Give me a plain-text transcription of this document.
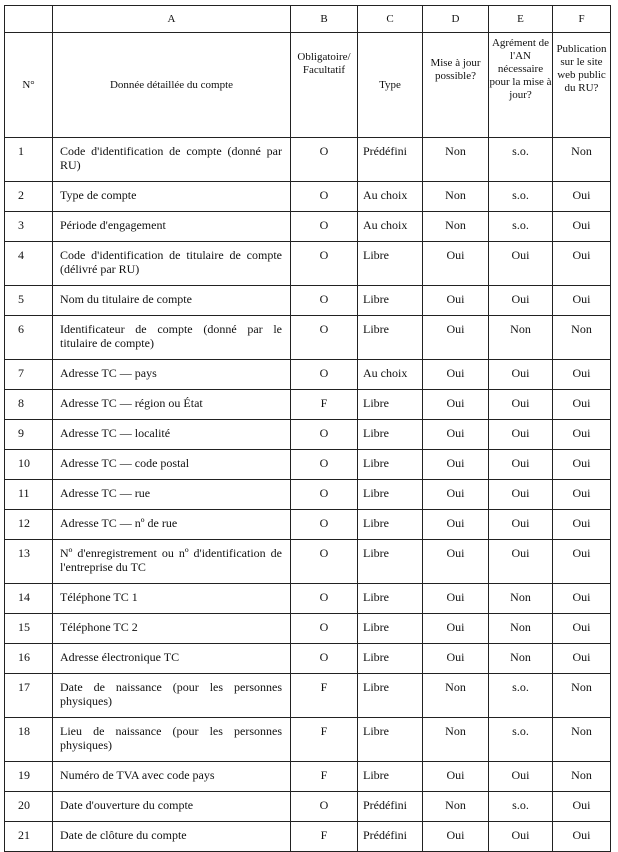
	A	B	C	D	E	F
N°	Donnée détaillée du compte	Obligatoire/ Facultatif	Type	Mise à jour possible?	Agrément de l'AN nécessaire pour la mise à jour?	Publication sur le site web public du RU?
1	Code d'identification de compte (donné par RU)	O	Prédéfini	Non	s.o.	Non
2	Type de compte	O	Au choix	Non	s.o.	Oui
3	Période d'engagement	O	Au choix	Non	s.o.	Oui
4	Code d'identification de titulaire de compte (délivré par RU)	O	Libre	Oui	Oui	Oui
5	Nom du titulaire de compte	O	Libre	Oui	Oui	Oui
6	Identificateur de compte (donné par le titulaire de compte)	O	Libre	Oui	Non	Non
7	Adresse TC — pays	O	Au choix	Oui	Oui	Oui
8	Adresse TC — région ou État	F	Libre	Oui	Oui	Oui
9	Adresse TC — localité	O	Libre	Oui	Oui	Oui
10	Adresse TC — code postal	O	Libre	Oui	Oui	Oui
11	Adresse TC — rue	O	Libre	Oui	Oui	Oui
12	Adresse TC — nº de rue	O	Libre	Oui	Oui	Oui
13	Nº d'enregistrement ou nº d'identification de l'entreprise du TC	O	Libre	Oui	Oui	Oui
14	Téléphone TC 1	O	Libre	Oui	Non	Oui
15	Téléphone TC 2	O	Libre	Oui	Non	Oui
16	Adresse électronique TC	O	Libre	Oui	Non	Oui
17	Date de naissance (pour les personnes physiques)	F	Libre	Non	s.o.	Non
18	Lieu de naissance (pour les personnes physiques)	F	Libre	Non	s.o.	Non
19	Numéro de TVA avec code pays	F	Libre	Oui	Oui	Non
20	Date d'ouverture du compte	O	Prédéfini	Non	s.o.	Oui
21	Date de clôture du compte	F	Prédéfini	Oui	Oui	Oui
